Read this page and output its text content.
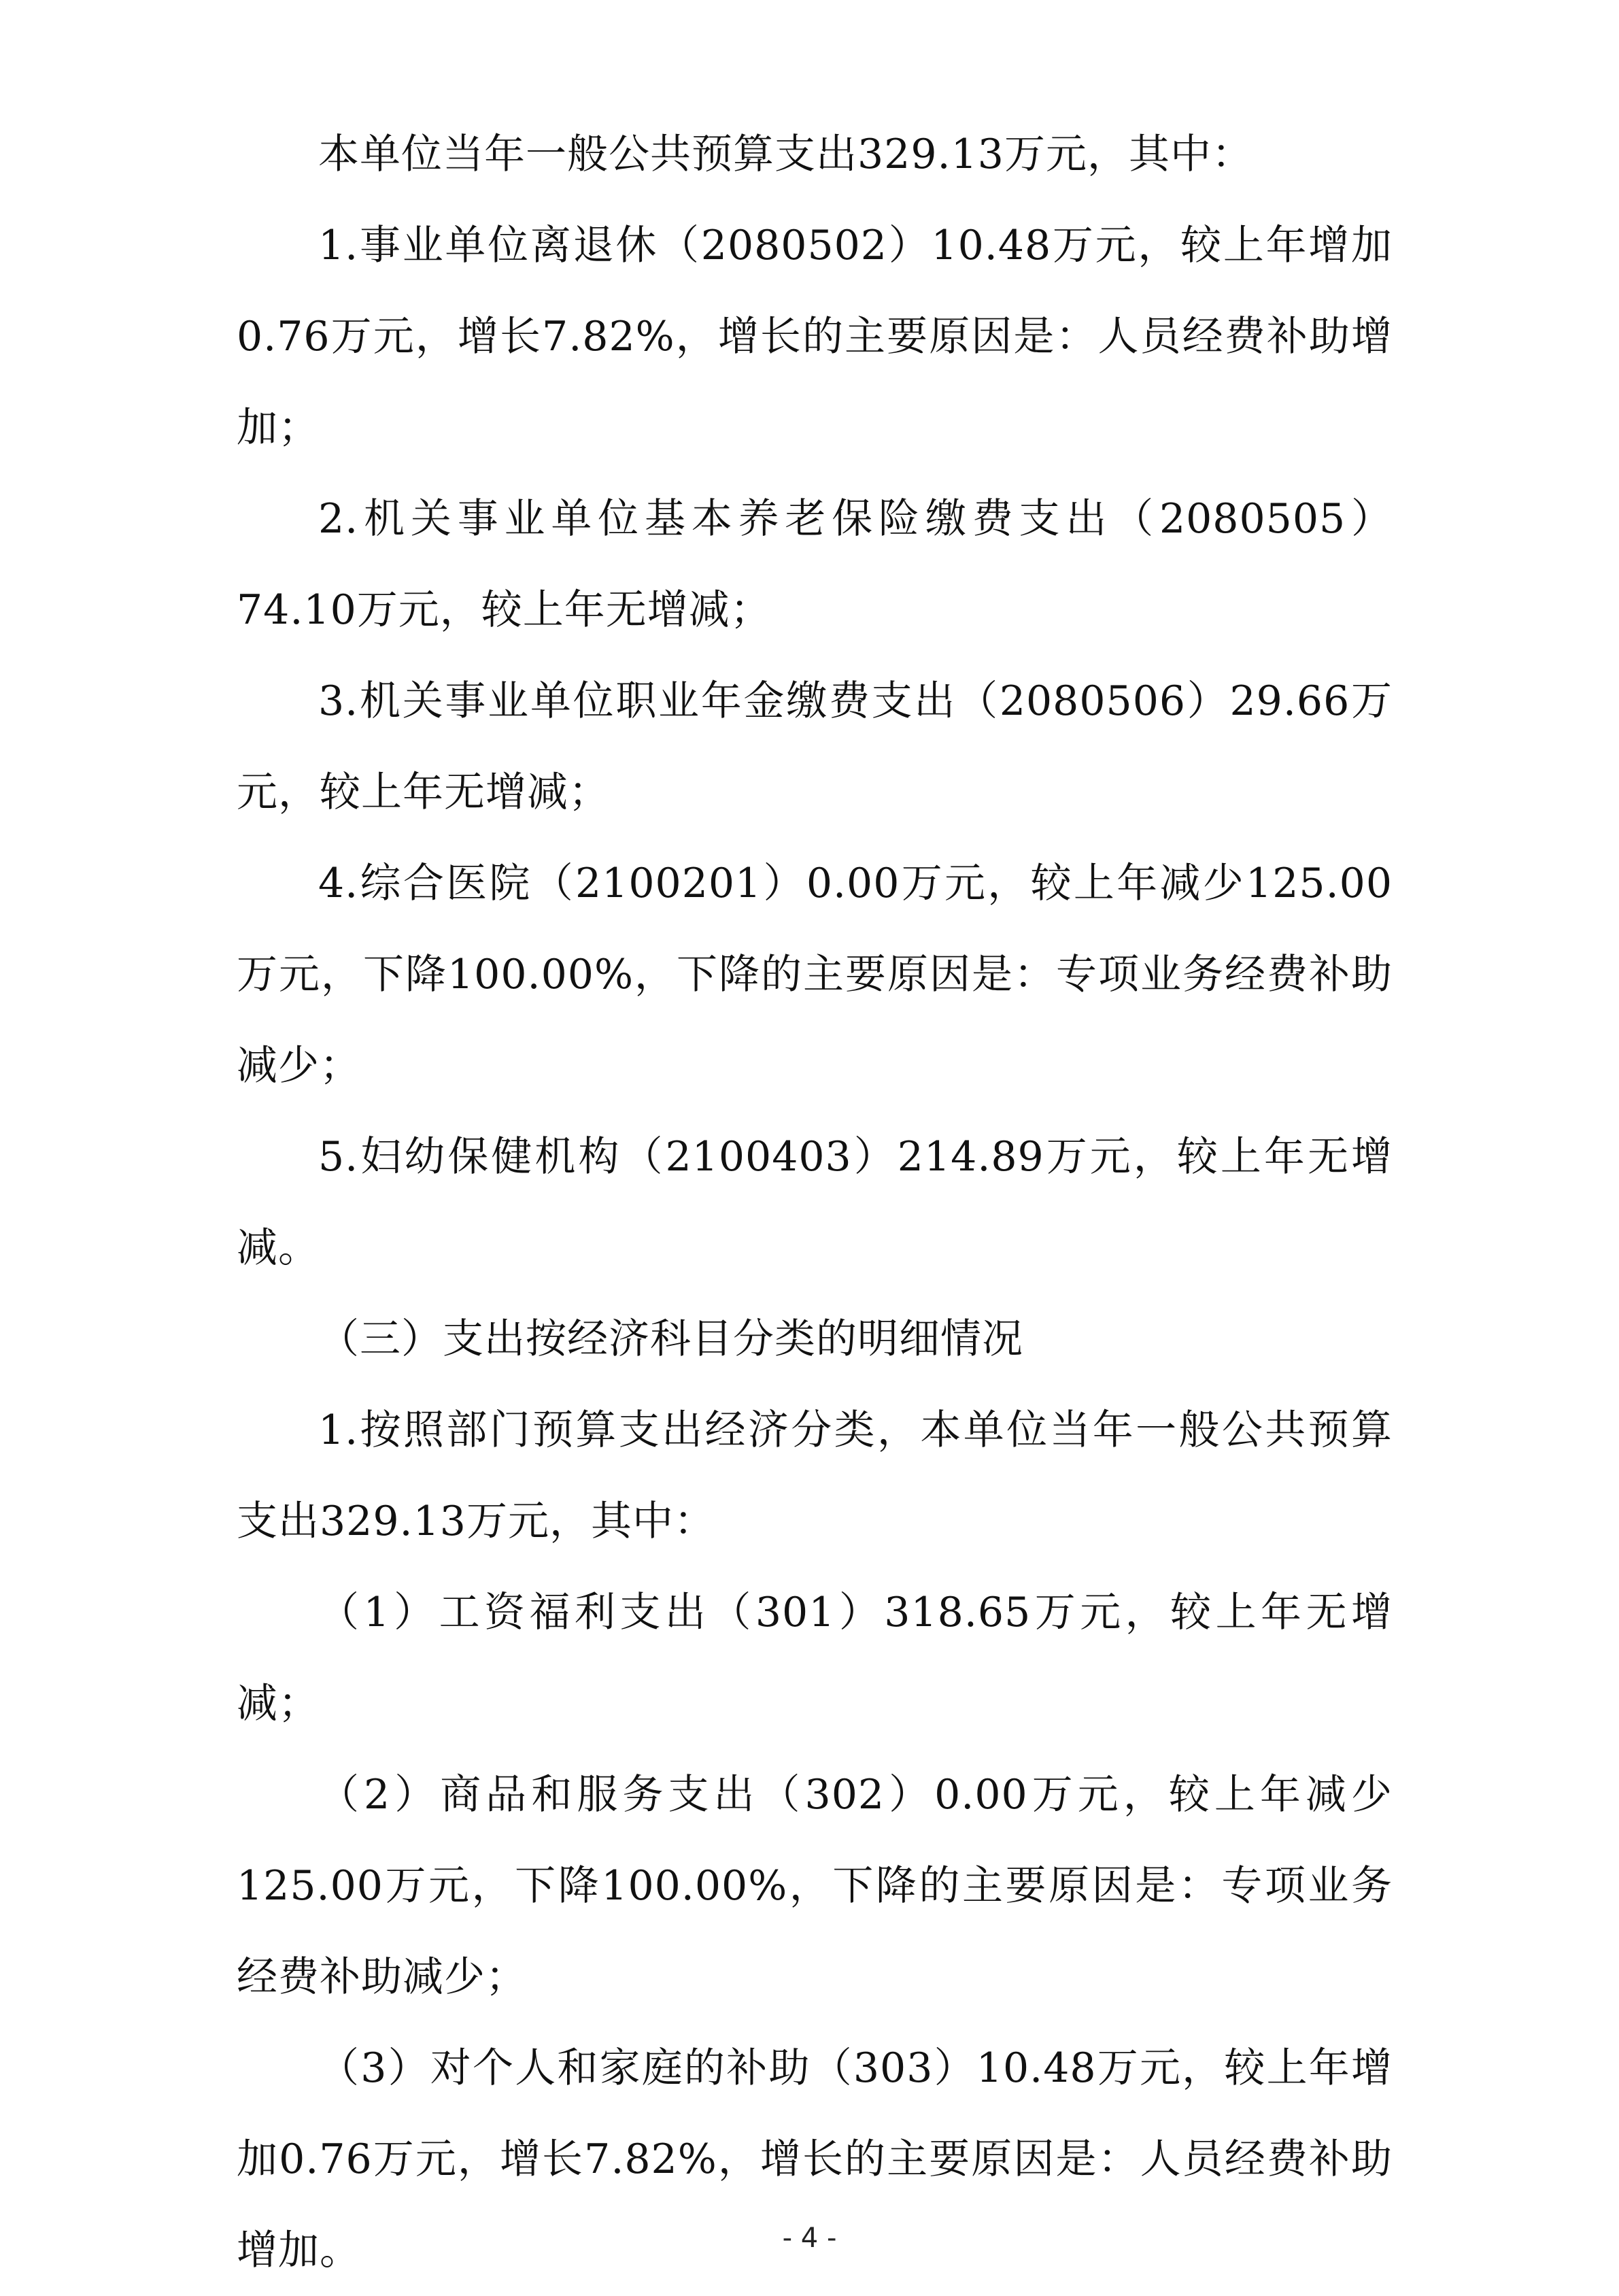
本单位当年一般公共预算支出329.13万元，其中：

1.事业单位离退休（2080502）10.48万元，较上年增加0.76万元，增长7.82%，增长的主要原因是：人员经费补助增加；

2.机关事业单位基本养老保险缴费支出（2080505）74.10万元，较上年无增减；

3.机关事业单位职业年金缴费支出（2080506）29.66万元，较上年无增减；

4.综合医院（2100201）0.00万元，较上年减少125.00万元，下降100.00%，下降的主要原因是：专项业务经费补助减少；

5.妇幼保健机构（2100403）214.89万元，较上年无增减。

（三）支出按经济科目分类的明细情况

1.按照部门预算支出经济分类，本单位当年一般公共预算支出329.13万元，其中：

（1）工资福利支出（301）318.65万元，较上年无增减；

（2）商品和服务支出（302）0.00万元，较上年减少125.00万元，下降100.00%，下降的主要原因是：专项业务经费补助减少；

（3）对个人和家庭的补助（303）10.48万元，较上年增加0.76万元，增长7.82%，增长的主要原因是：人员经费补助增加。	- 4 -
